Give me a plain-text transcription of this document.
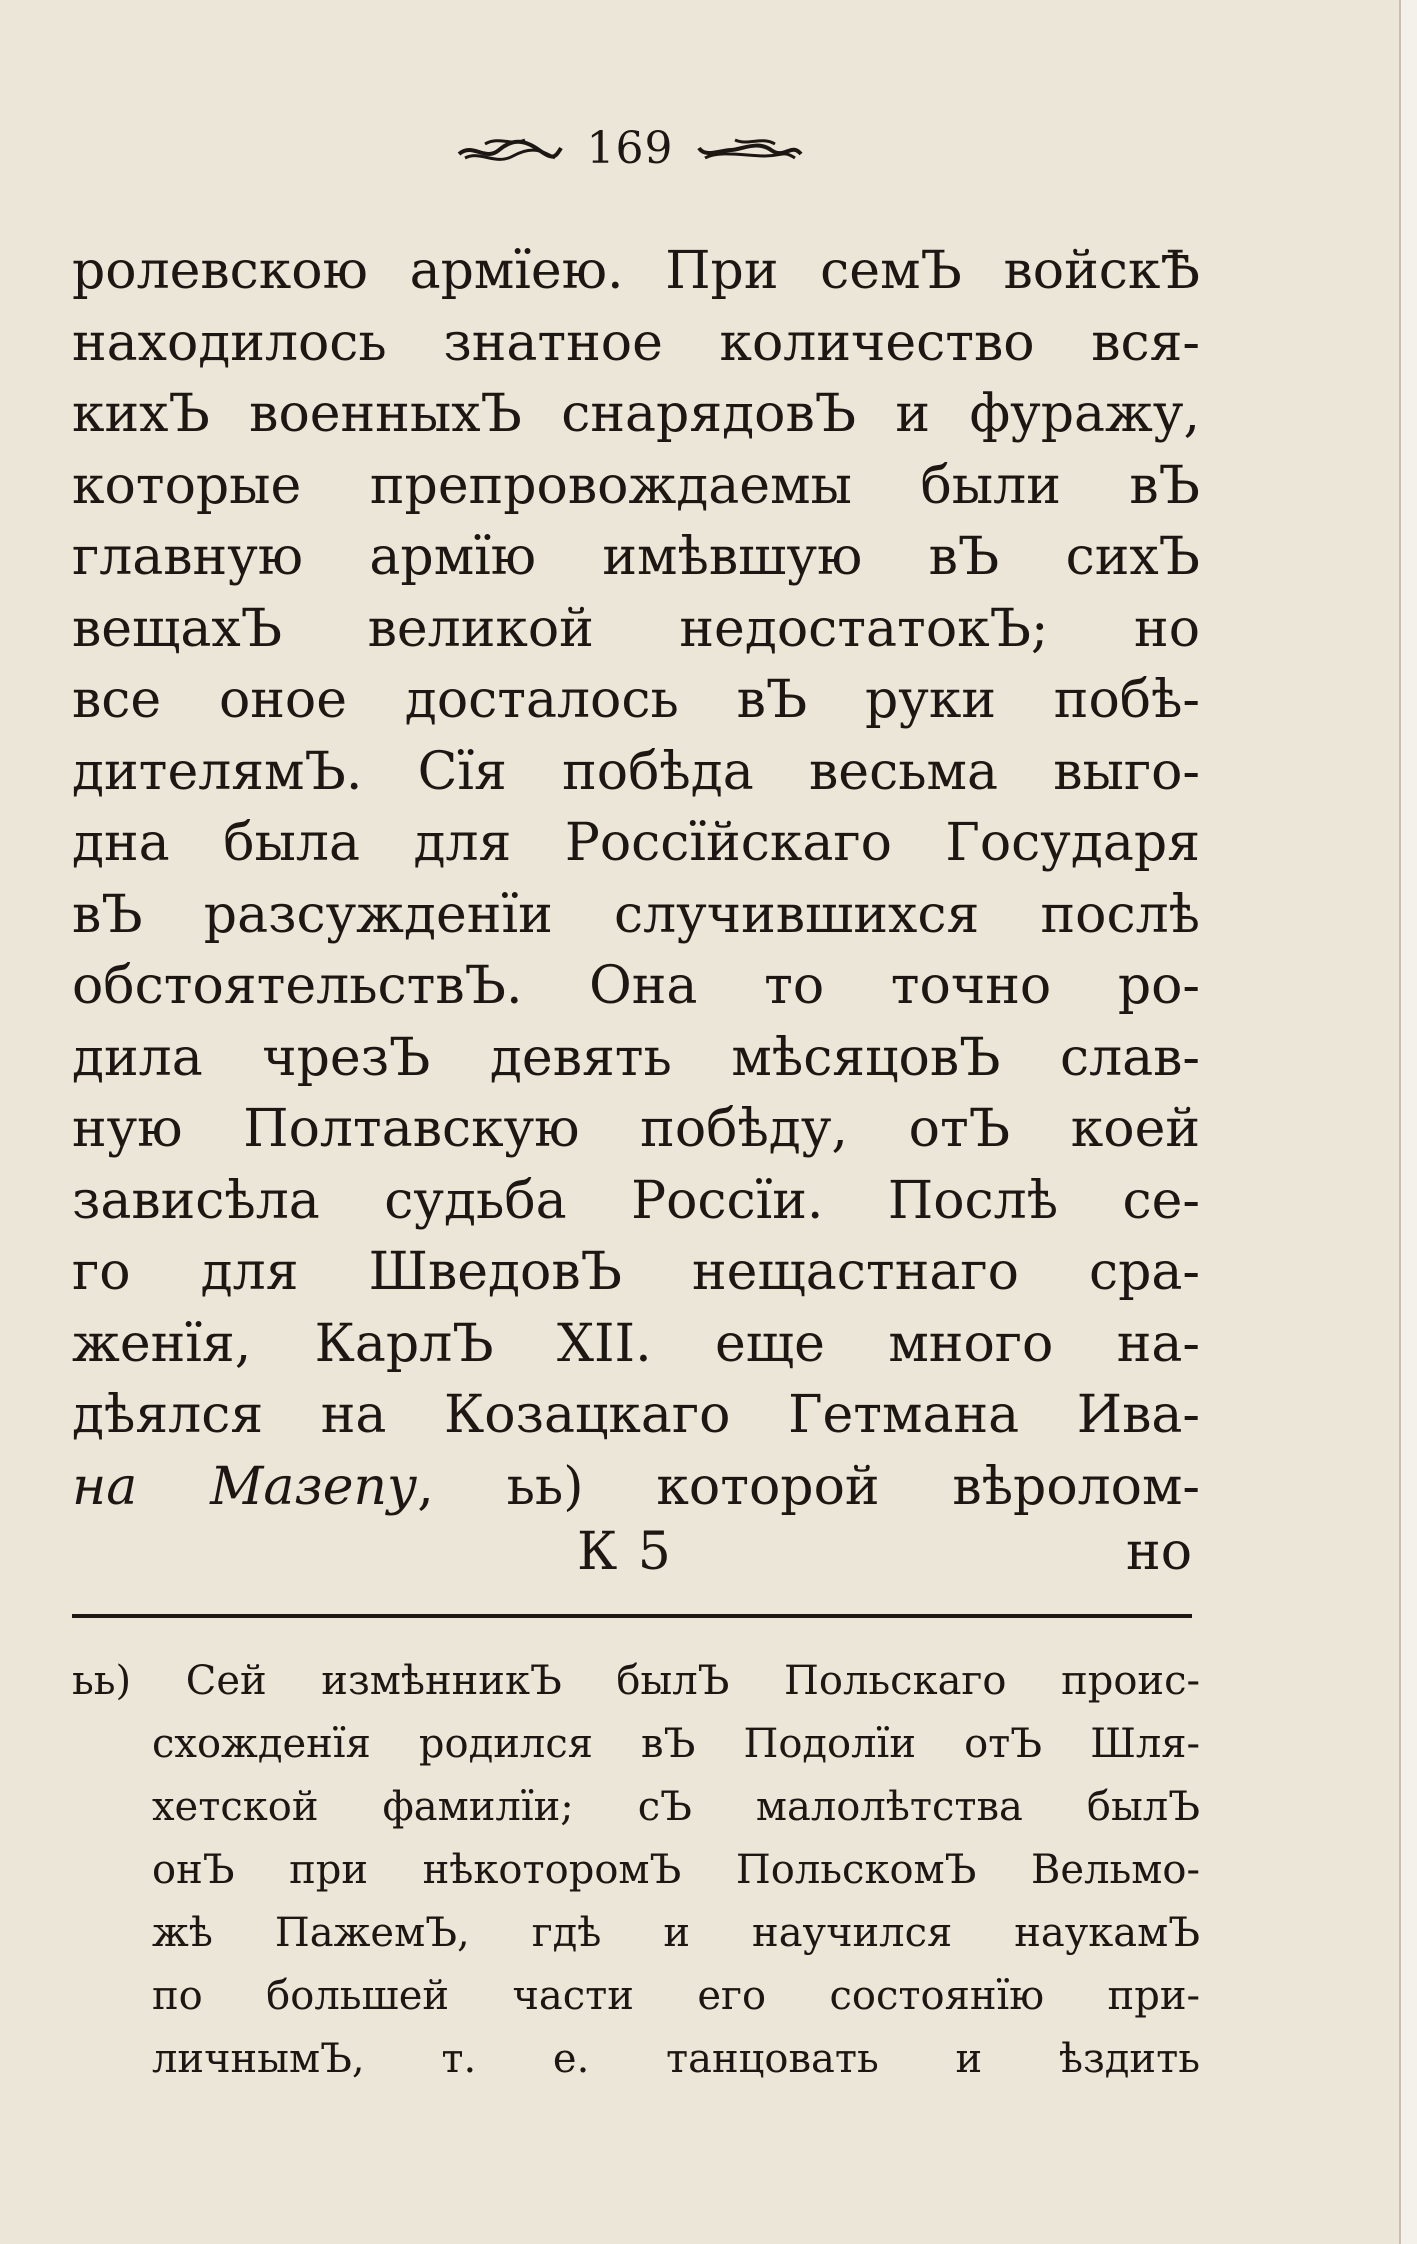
169
ролевскою армїею. При семЪ войскѢ
находилось знатное количество вся-
кихЪ военныхЪ снарядовЪ и фуражу,
которые препровождаемы были вЪ
главную армїю имѣвшую вЪ сихЪ
вещахЪ великой недостатокЪ; но
все оное досталось вЪ руки побѣ-
дителямЪ. Сїя побѣда весьма выго-
дна была для Россїйскаго Государя
вЪ разсужденїи случившихся послѣ
обстоятельствЪ. Она то точно ро-
дила чрезЪ девять мѣсяцовЪ слав-
ную Полтавскую побѣду, отЪ коей
зависѣла судьба Россїи. Послѣ се-
го для ШведовЪ нещастнаго сра-
женїя, КарлЪ XII. еще много на-
дѣялся на Козацкаго Гетмана Ива-
на Мазепу, ьь) которой вѣролом-
К 5	но
ьь) Сей измѣнникЪ былЪ Польскаго проис-
схожденїя родился вЪ Подолїи отЪ Шля-
хетской фамилїи; сЪ малолѣтства былЪ
онЪ при нѣкоторомЪ ПольскомЪ Вельмо-
жѣ ПажемЪ, гдѣ и научился наукамЪ
по большей части его состоянїю при-
личнымЪ, т. е. танцовать и ѣздить
